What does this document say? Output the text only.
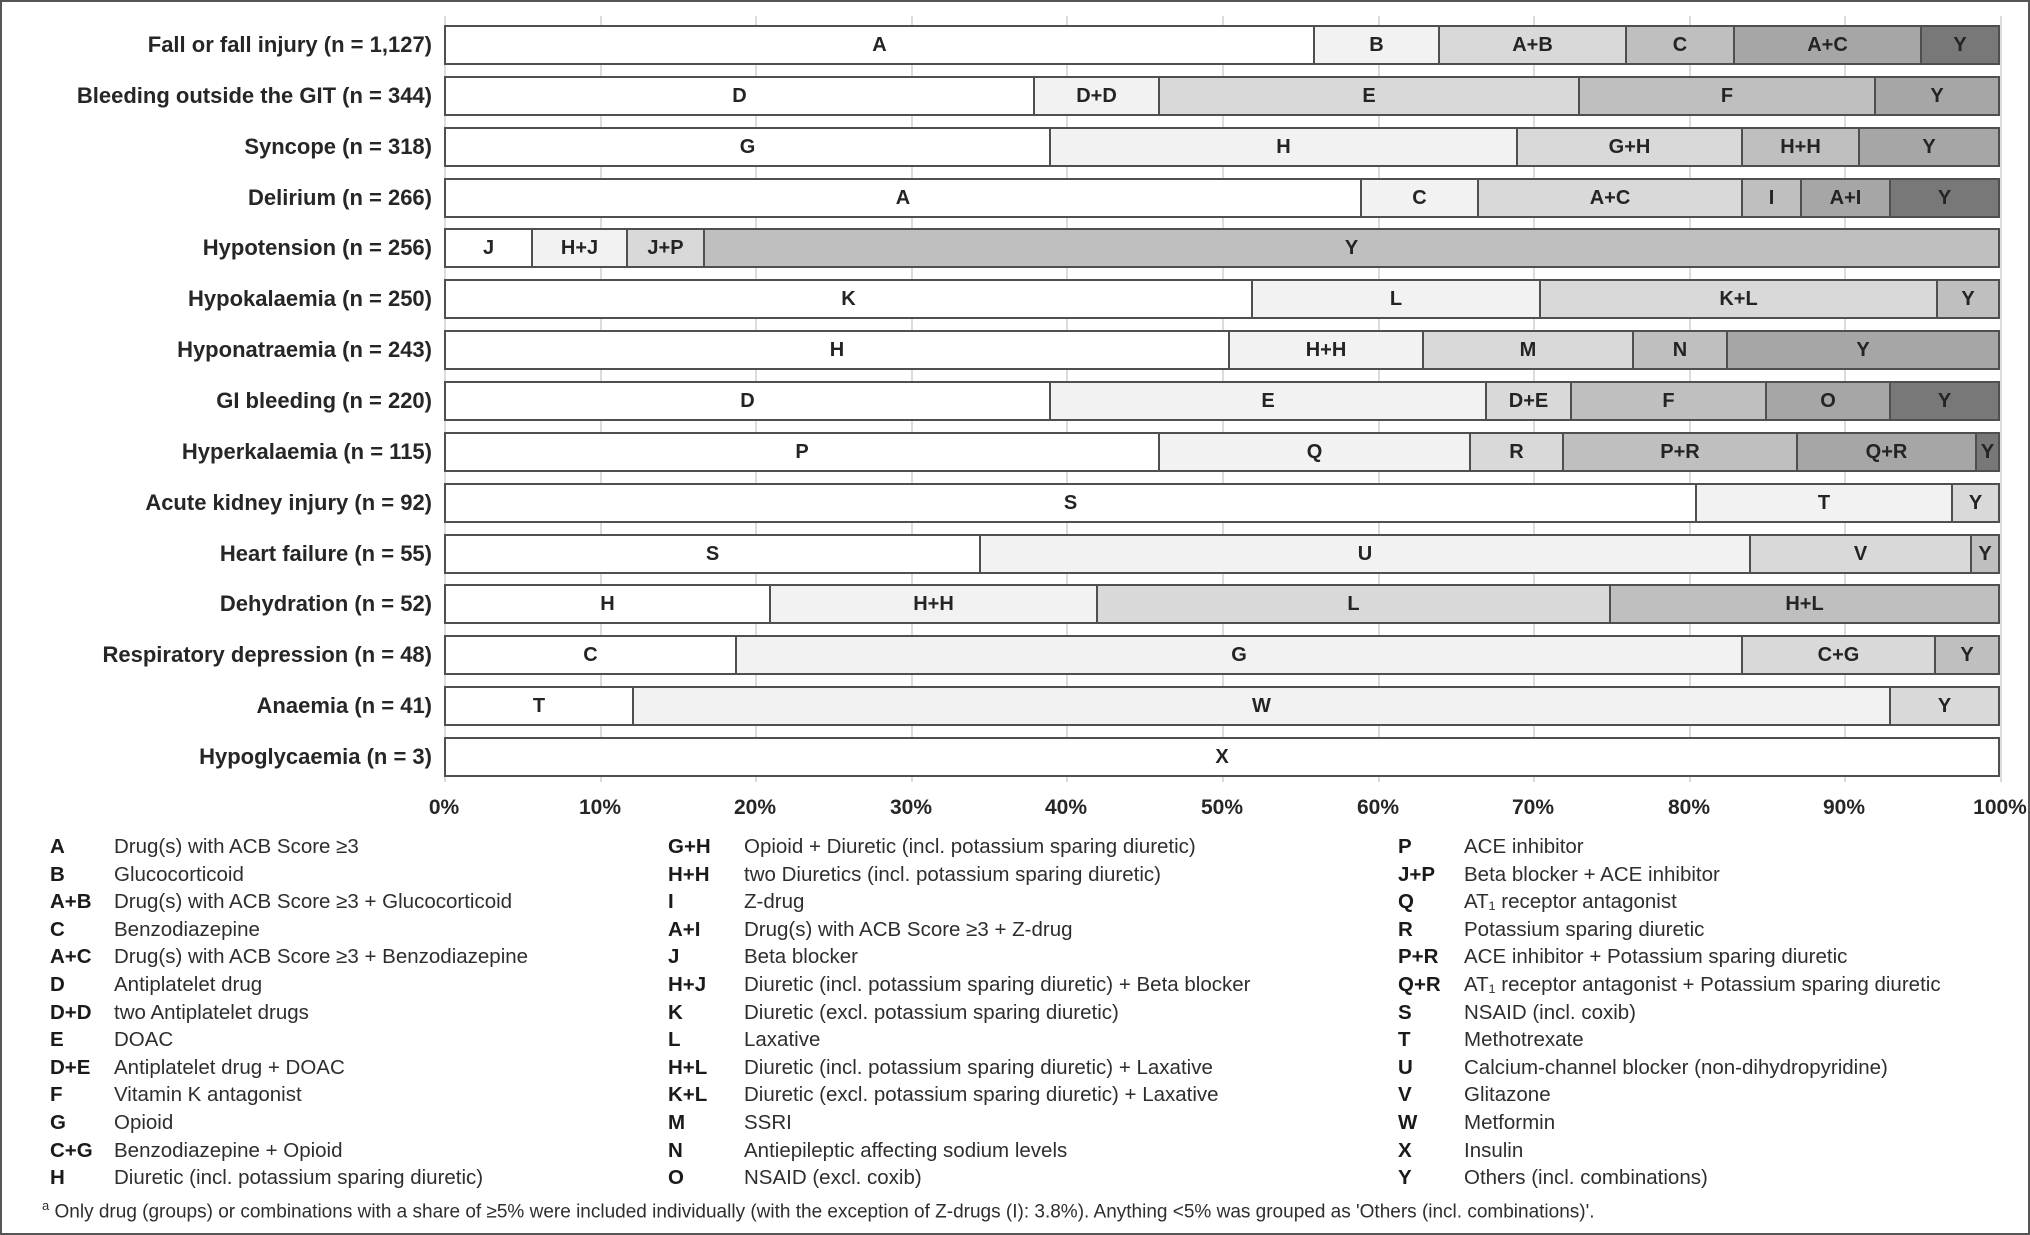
Fall or fall injury (n = 1,127)	A	B	A+B	C	A+C	Y
Bleeding outside the GIT (n = 344)	D	D+D	E	F	Y
Syncope (n = 318)	G	H	G+H	H+H	Y
Delirium (n = 266)	A	C	A+C	I	A+I	Y
Hypotension (n = 256)	J	H+J	J+P	Y
Hypokalaemia (n = 250)	K	L	K+L	Y
Hyponatraemia (n = 243)	H	H+H	M	N	Y
GI bleeding (n = 220)	D	E	D+E	F	O	Y
Hyperkalaemia (n = 115)	P	Q	R	P+R	Q+R	Y
Acute kidney injury (n = 92)	S	T	Y
Heart failure (n = 55)	S	U	V	Y
Dehydration (n = 52)	H	H+H	L	H+L
Respiratory depression (n = 48)	C	G	C+G	Y
Anaemia (n = 41)	T	W	Y
Hypoglycaemia (n = 3)	X
0%	10%	20%	30%	40%	50%	60%	70%	80%	90%	100%
A Drug(s) with ACB Score ≥3
B Glucocorticoid
A+B Drug(s) with ACB Score ≥3 + Glucocorticoid
C Benzodiazepine
A+C Drug(s) with ACB Score ≥3 + Benzodiazepine
D Antiplatelet drug
D+D two Antiplatelet drugs
E DOAC
D+E Antiplatelet drug + DOAC
F	Vitamin K antagonist
G Opioid
C+G Benzodiazepine + Opioid
H Diuretic (incl. potassium sparing diuretic)
G+H Opioid + Diuretic (incl. potassium sparing diuretic)
H+H two Diuretics (incl. potassium sparing diuretic)
I	Z-drug
A+I Drug(s) with ACB Score ≥3 + Z-drug
J	Beta blocker
H+J Diuretic (incl. potassium sparing diuretic) + Beta blocker
K	Diuretic (excl. potassium sparing diuretic)
L	Laxative
H+L Diuretic (incl. potassium sparing diuretic) + Laxative
K+L Diuretic (excl. potassium sparing diuretic) + Laxative
M	SSRI
N	Antiepileptic affecting sodium levels
O	NSAID (excl. coxib)
P	ACE inhibitor
J+P Beta blocker + ACE inhibitor
Q AT₁ receptor antagonist
R Potassium sparing diuretic
P+R ACE inhibitor + Potassium sparing diuretic
Q+R AT₁ receptor antagonist + Potassium sparing diuretic
S	NSAID (incl. coxib)
T	Methotrexate
U Calcium-channel blocker (non-dihydropyridine)
V	Glitazone
W Metformin
X	Insulin
Y	Others (incl. combinations)
$^a$ Only drug (groups) or combinations with a share of ≥5% were included individually (with the exception of Z-drugs (I): 3.8%). Anything <5% was grouped as 'Others (incl. combinations)'.
